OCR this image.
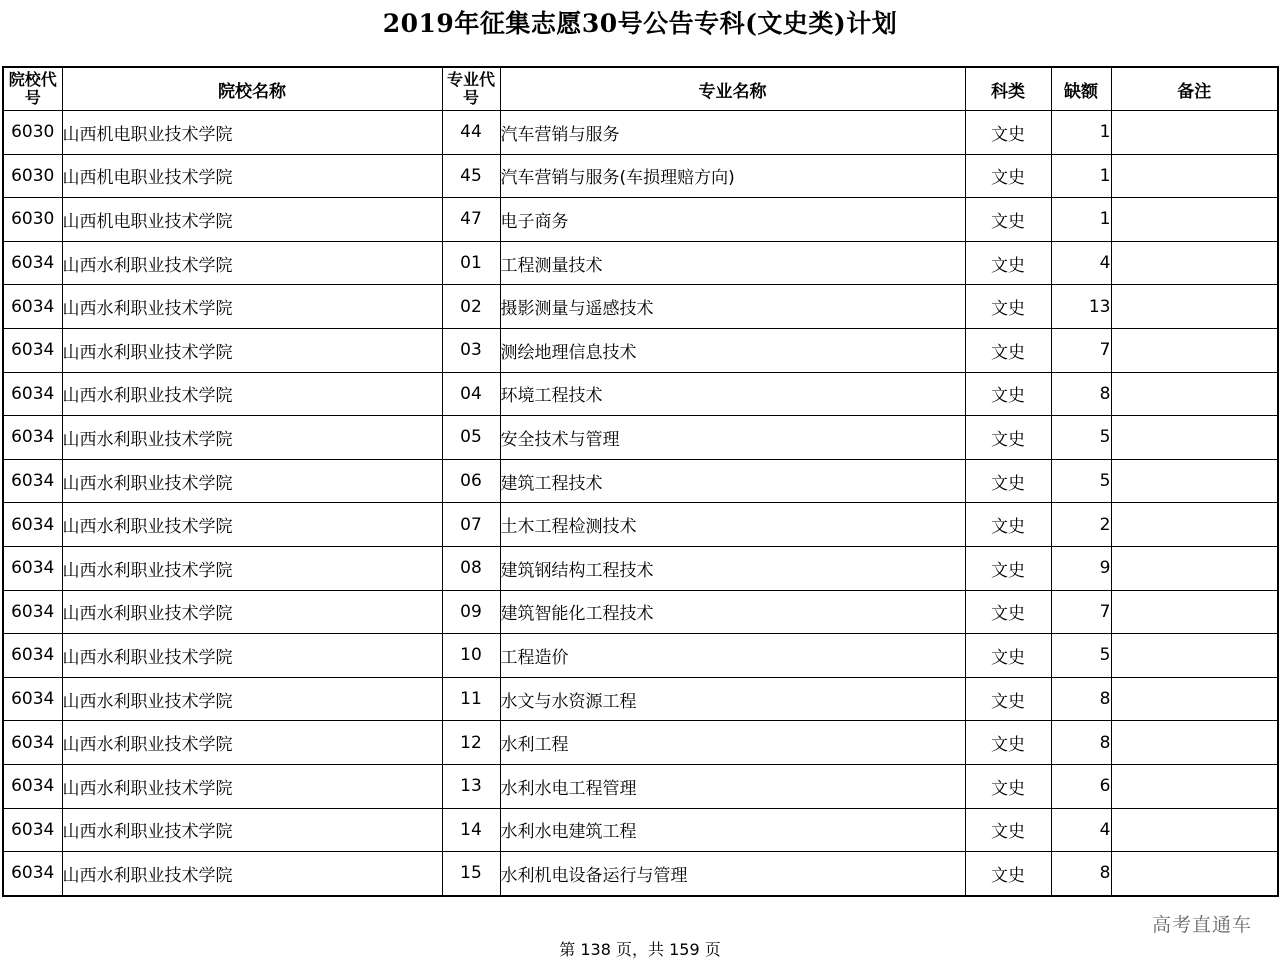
2019年征集志愿30号公告专科(文史类)计划
院校代号	院校名称	专业代号	专业名称	科类	缺额	备注
6030	山西机电职业技术学院	44	汽车营销与服务	文史	1	
6030	山西机电职业技术学院	45	汽车营销与服务(车损理赔方向)	文史	1	
6030	山西机电职业技术学院	47	电子商务	文史	1	
6034	山西水利职业技术学院	01	工程测量技术	文史	4	
6034	山西水利职业技术学院	02	摄影测量与遥感技术	文史	13	
6034	山西水利职业技术学院	03	测绘地理信息技术	文史	7	
6034	山西水利职业技术学院	04	环境工程技术	文史	8	
6034	山西水利职业技术学院	05	安全技术与管理	文史	5	
6034	山西水利职业技术学院	06	建筑工程技术	文史	5	
6034	山西水利职业技术学院	07	土木工程检测技术	文史	2	
6034	山西水利职业技术学院	08	建筑钢结构工程技术	文史	9	
6034	山西水利职业技术学院	09	建筑智能化工程技术	文史	7	
6034	山西水利职业技术学院	10	工程造价	文史	5	
6034	山西水利职业技术学院	11	水文与水资源工程	文史	8	
6034	山西水利职业技术学院	12	水利工程	文史	8	
6034	山西水利职业技术学院	13	水利水电工程管理	文史	6	
6034	山西水利职业技术学院	14	水利水电建筑工程	文史	4	
6034	山西水利职业技术学院	15	水利机电设备运行与管理	文史	8	
高考直通车
第 138 页，共 159 页
